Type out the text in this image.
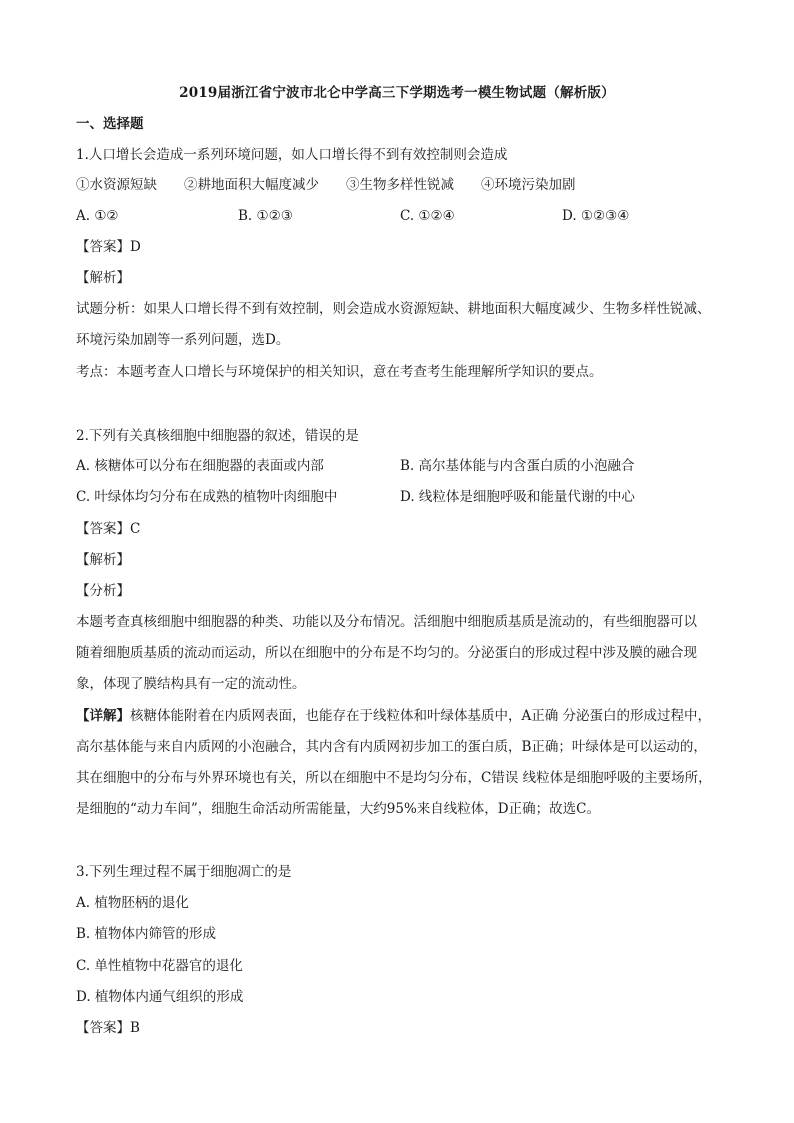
2019届浙江省宁波市北仑中学高三下学期选考一模生物试题（解析版）
一、选择题
1.人口增长会造成一系列环境问题，如人口增长得不到有效控制则会造成
①水资源短缺　　②耕地面积大幅度减少　　③生物多样性锐减　　④环境污染加剧
A. ①②	B. ①②③	C. ①②④	D. ①②③④
【答案】D
【解析】
试题分析：如果人口增长得不到有效控制，则会造成水资源短缺、耕地面积大幅度减少、生物多样性锐减、
环境污染加剧等一系列问题，选D。
考点：本题考查人口增长与环境保护的相关知识，意在考查考生能理解所学知识的要点。
2.下列有关真核细胞中细胞器的叙述，错误的是
A. 核糖体可以分布在细胞器的表面或内部	B. 高尔基体能与内含蛋白质的小泡融合
C. 叶绿体均匀分布在成熟的植物叶肉细胞中	D. 线粒体是细胞呼吸和能量代谢的中心
【答案】C
【解析】
【分析】
本题考查真核细胞中细胞器的种类、功能以及分布情况。活细胞中细胞质基质是流动的，有些细胞器可以
随着细胞质基质的流动而运动，所以在细胞中的分布是不均匀的。分泌蛋白的形成过程中涉及膜的融合现
象，体现了膜结构具有一定的流动性。
【详解】核糖体能附着在内质网表面，也能存在于线粒体和叶绿体基质中，A正确 分泌蛋白的形成过程中，
高尔基体能与来自内质网的小泡融合，其内含有内质网初步加工的蛋白质，B正确；叶绿体是可以运动的，
其在细胞中的分布与外界环境也有关，所以在细胞中不是均匀分布，C错误 线粒体是细胞呼吸的主要场所，
是细胞的“动力车间”，细胞生命活动所需能量，大约95%来自线粒体，D正确；故选C。
3.下列生理过程不属于细胞凋亡的是
A. 植物胚柄的退化
B. 植物体内筛管的形成
C. 单性植物中花器官的退化
D. 植物体内通气组织的形成
【答案】B
